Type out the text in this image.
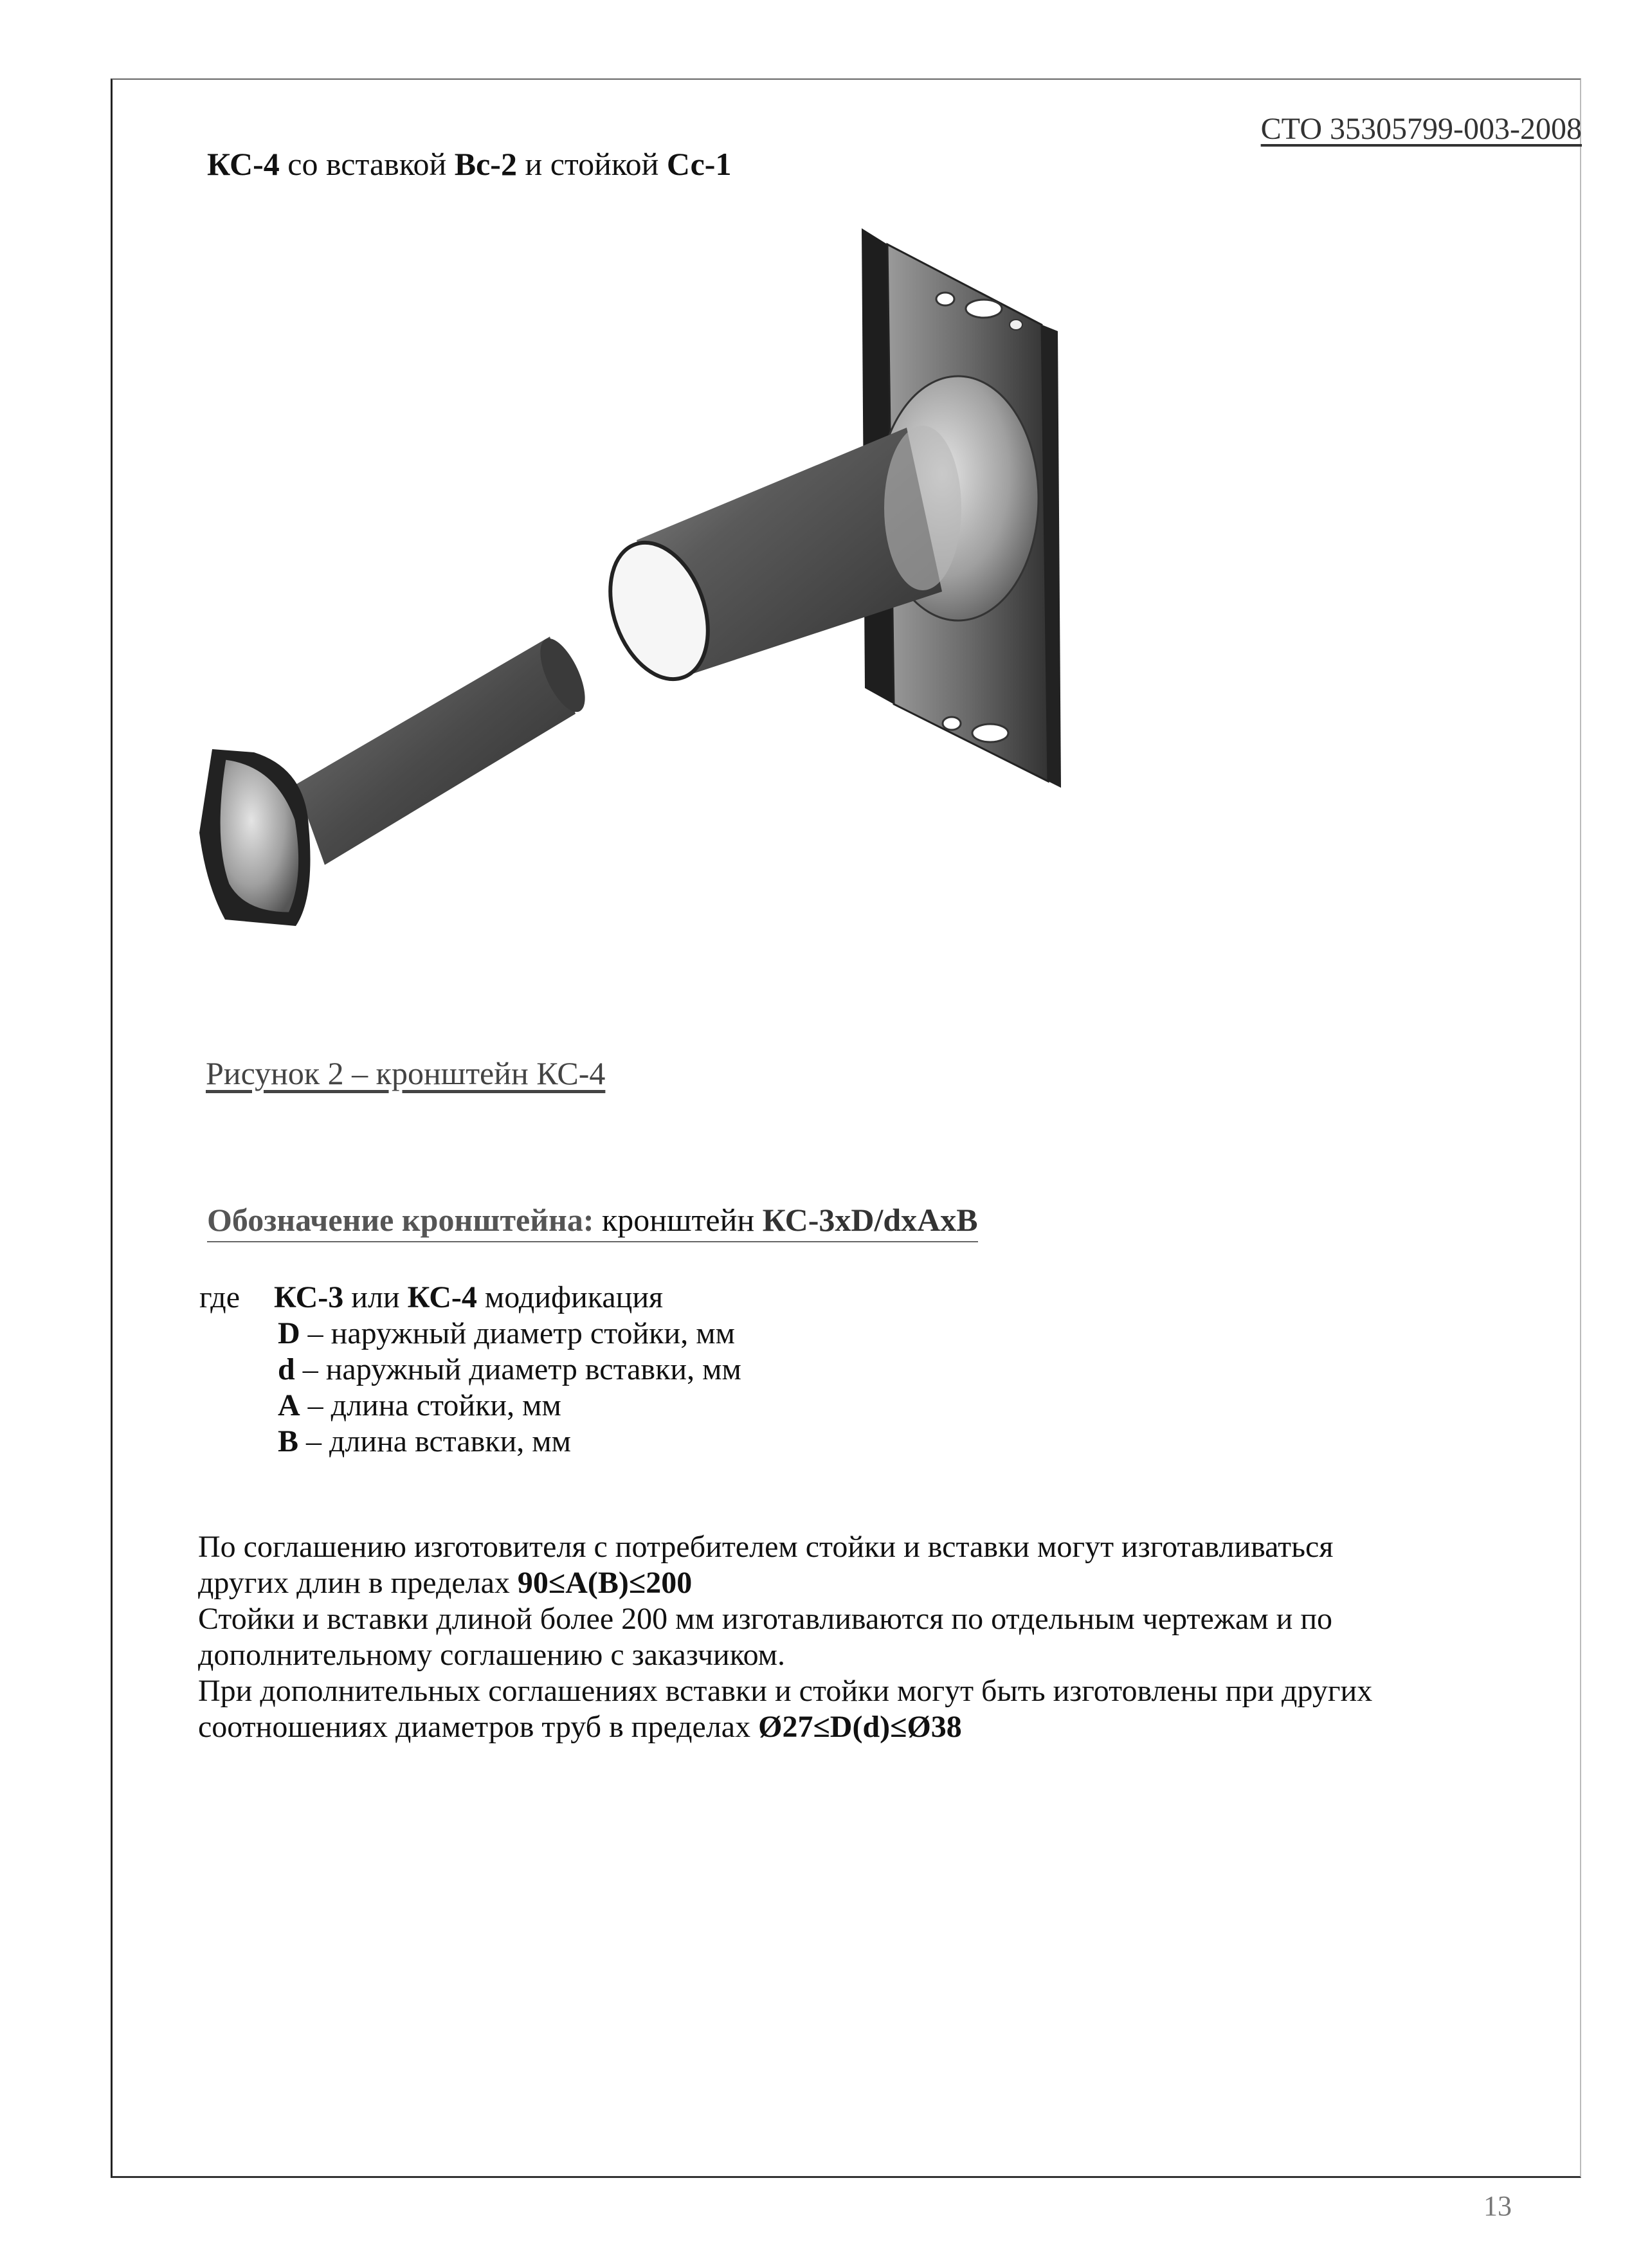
СТО 35305799-003-2008
КС-4 со вставкой Вс-2 и стойкой Сс-1
Рисунок 2 – кронштейн КС-4
Обозначение кронштейна: кронштейн КС-3xD/dxAxB
где КС-3 или КС-4 модификация
D – наружный диаметр стойки, мм
d – наружный диаметр вставки, мм
A – длина стойки, мм
B – длина вставки, мм
По соглашению изготовителя с потребителем стойки и вставки могут изготавливаться
других длин в пределах 90≤A(B)≤200
Стойки и вставки длиной более 200 мм изготавливаются по отдельным чертежам и по
дополнительному соглашению с заказчиком.
При дополнительных соглашениях вставки и стойки могут быть изготовлены при других
соотношениях диаметров труб в пределах Ø27≤D(d)≤Ø38
13
